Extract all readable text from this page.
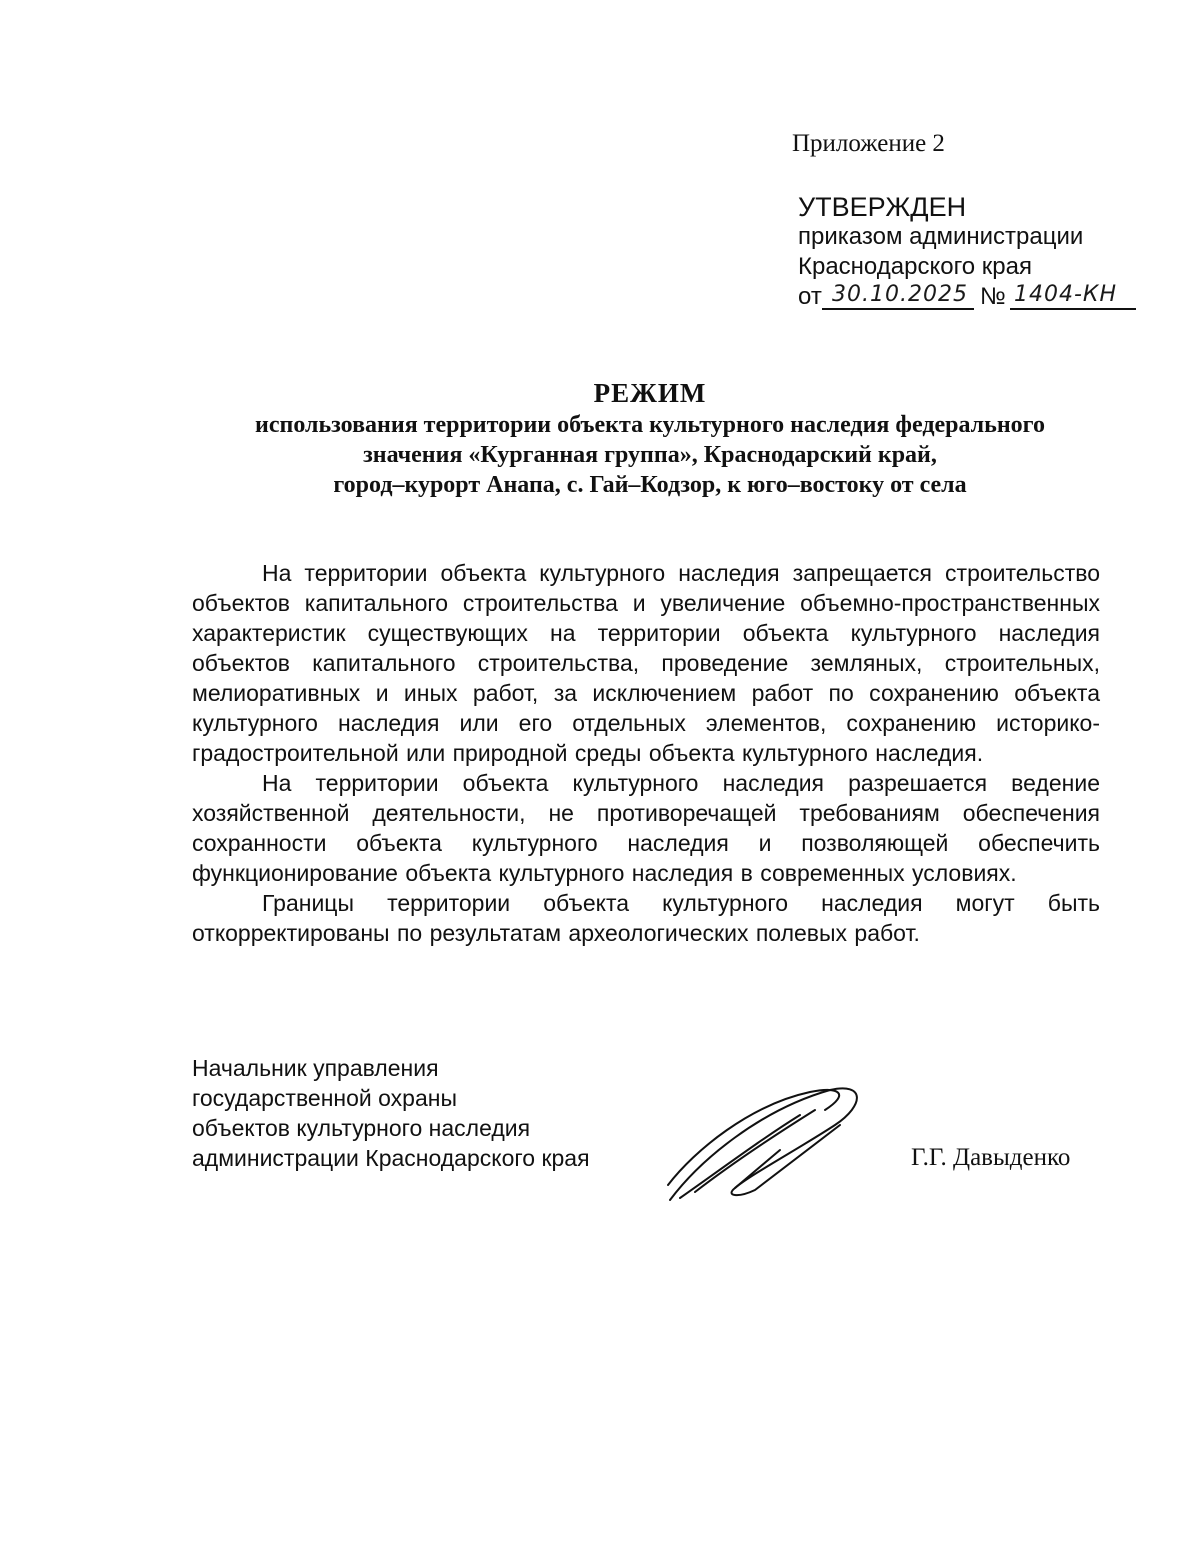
Приложение 2
УТВЕРЖДЕН
приказом администрации
Краснодарского края
от 30.10.2025 № 1404-КН
РЕЖИМ
использования территории объекта культурного наследия федерального
значения «Курганная группа», Краснодарский край,
город–курорт Анапа, с. Гай–Кодзор, к юго–востоку от села

На территории объекта культурного наследия запрещается строительство объектов капитального строительства и увеличение объемно-пространственных характеристик существующих на территории объекта культурного наследия объектов капитального строительства, проведение земляных, строительных, мелиоративных и иных работ, за исключением работ по сохранению объекта культурного наследия или его отдельных элементов, сохранению историко-градостроительной или природной среды объекта культурного наследия.

На территории объекта культурного наследия разрешается ведение хозяйственной деятельности, не противоречащей требованиям обеспечения сохранности объекта культурного наследия и позволяющей обеспечить функционирование объекта культурного наследия в современных условиях.

Границы территории объекта культурного наследия могут быть откорректированы по результатам археологических полевых работ.

Начальник управления
государственной охраны
объектов культурного наследия
администрации Краснодарского края	Г.Г. Давыденко
